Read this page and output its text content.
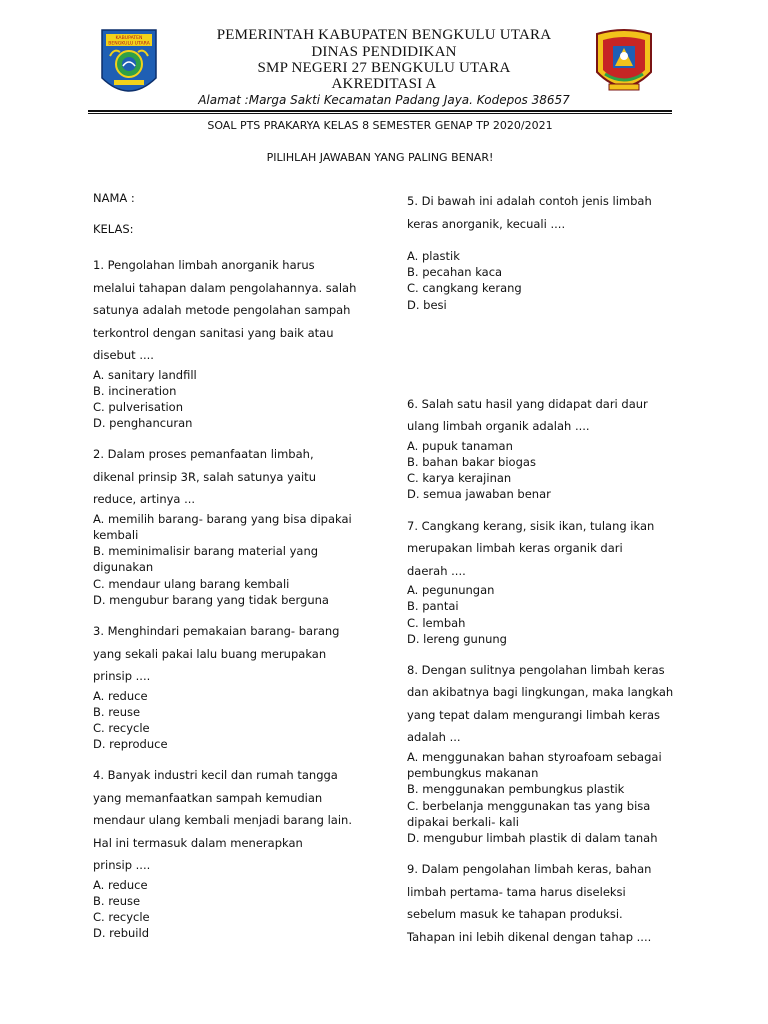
KABUPATEN
BENGKULU UTARA
PEMERINTAH KABUPATEN BENGKULU UTARA
DINAS PENDIDIKAN
SMP NEGERI 27 BENGKULU UTARA
AKREDITASI A
Alamat :Marga Sakti Kecamatan Padang Jaya. Kodepos 38657
SOAL PTS PRAKARYA KELAS 8 SEMESTER GENAP TP 2020/2021
PILIHLAH JAWABAN YANG PALING BENAR!

NAMA :

KELAS:

1. Pengolahan limbah anorganik harus

melalui tahapan dalam pengolahannya. salah

satunya adalah metode pengolahan sampah

terkontrol dengan sanitasi yang baik atau

disebut ....

A. sanitary landfill

B. incineration

C. pulverisation

D. penghancuran

2. Dalam proses pemanfaatan limbah,

dikenal prinsip 3R, salah satunya yaitu

reduce, artinya ...

A. memilih barang- barang yang bisa dipakai

kembali

B. meminimalisir barang material yang

digunakan

C. mendaur ulang barang kembali

D. mengubur barang yang tidak berguna

3. Menghindari pemakaian barang- barang

yang sekali pakai lalu buang merupakan

prinsip ....

A. reduce

B. reuse

C. recycle

D. reproduce

4. Banyak industri kecil dan rumah tangga

yang memanfaatkan sampah kemudian

mendaur ulang kembali menjadi barang lain.

Hal ini termasuk dalam menerapkan

prinsip ....

A. reduce

B. reuse

C. recycle

D. rebuild

5. Di bawah ini adalah contoh jenis limbah

keras anorganik, kecuali ....

A. plastik

B. pecahan kaca

C. cangkang kerang

D. besi

6. Salah satu hasil yang didapat dari daur

ulang limbah organik adalah ....

A. pupuk tanaman

B. bahan bakar biogas

C. karya kerajinan

D. semua jawaban benar

7. Cangkang kerang, sisik ikan, tulang ikan

merupakan limbah keras organik dari

daerah ....

A. pegunungan

B. pantai

C. lembah

D. lereng gunung

8. Dengan sulitnya pengolahan limbah keras

dan akibatnya bagi lingkungan, maka langkah

yang tepat dalam mengurangi limbah keras

adalah ...

A. menggunakan bahan styroafoam sebagai

pembungkus makanan

B. menggunakan pembungkus plastik

C. berbelanja menggunakan tas yang bisa

dipakai berkali- kali

D. mengubur limbah plastik di dalam tanah

9. Dalam pengolahan limbah keras, bahan

limbah pertama- tama harus diseleksi

sebelum masuk ke tahapan produksi.

Tahapan ini lebih dikenal dengan tahap ....
